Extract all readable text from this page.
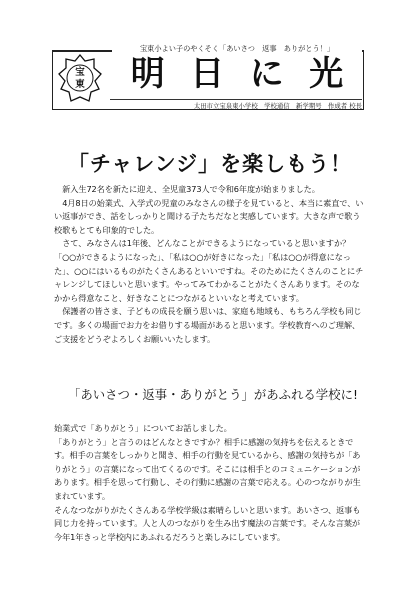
宝東小よい子のやくそく「あいさつ　返事　ありがとう！」
宝
東 明 日 に 光
太田市立宝泉東小学校　学校通信　新学期号　作成者 校長
「チャレンジ」を楽しもう！

新入生72名を新たに迎え、全児童373人で令和6年度が始まりました。

4月8日の始業式、入学式の児童のみなさんの様子を見ていると、本当に素直で、いい返事ができ、話をしっかりと聞ける子たちだなと実感しています。大きな声で歌う校歌もとても印象的でした。

さて、みなさんは1年後、どんなことができるようになっていると思いますか？

「○○ができるようになった」、「私は○○が好きになった」「私は○○が得意になった」、○○にはいるものがたくさんあるといいですね。そのためにたくさんのことにチャレンジしてほしいと思います。やってみてわかることがたくさんあります。そのなかから得意なこと、好きなことにつながるといいなと考えています。

保護者の皆さま、子どもの成長を願う思いは、家庭も地域も、もちろん学校も同じです。多くの場面でお力をお借りする場面があると思います。学校教育へのご理解、ご支援をどうぞよろしくお願いいたします。

「あいさつ・返事・ありがとう」があふれる学校に!

始業式で「ありがとう」についてお話しました。

「ありがとう」と言うのはどんなときですか？相手に感謝の気持ちを伝えるときです。相手の言葉をしっかりと聞き、相手の行動を見ているから、感謝の気持ちが「ありがとう」の言葉になって出てくるのです。そこには相手とのコミュニケーションがあります。相手を思って行動し、その行動に感謝の言葉で応える。心のつながりが生まれています。

そんなつながりがたくさんある学校学級は素晴らしいと思います。あいさつ、返事も同じ力を持っています。人と人のつながりを生み出す魔法の言葉です。そんな言葉が今年1年きっと学校内にあふれるだろうと楽しみにしています。
